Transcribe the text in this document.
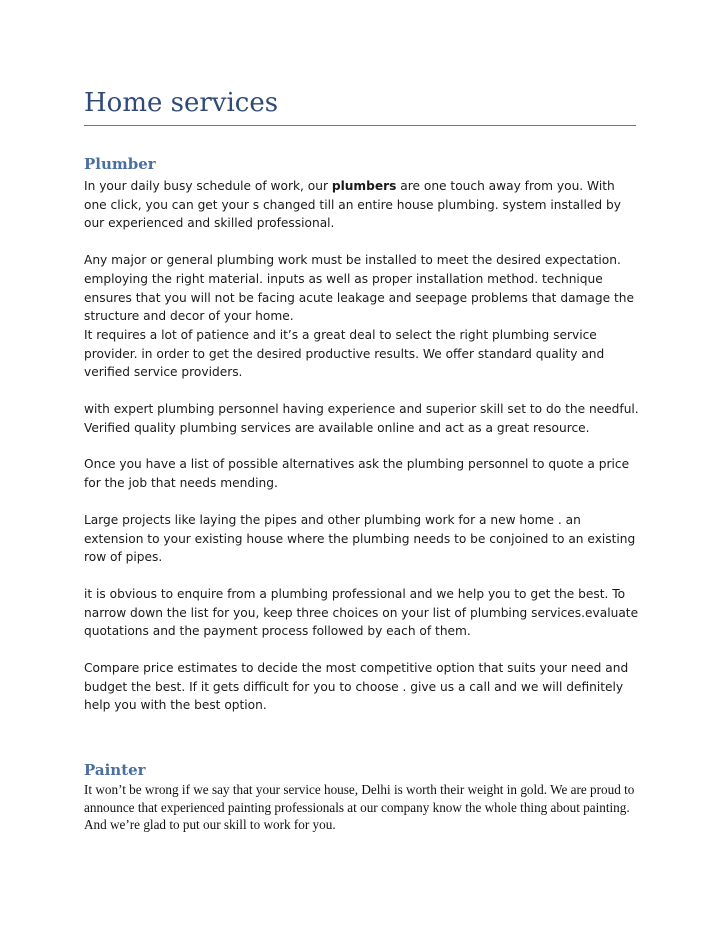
Home services
Plumber

In your daily busy schedule of work, our plumbers are one touch away from you. With one click, you can get your s changed till an entire house plumbing. system installed by our experienced and skilled professional.

Any major or general plumbing work must be installed to meet the desired expectation. employing the right material. inputs as well as proper installation method. technique ensures that you will not be facing acute leakage and seepage problems that damage the structure and decor of your home.

It requires a lot of patience and it’s a great deal to select the right plumbing service provider. in order to get the desired productive results. We offer standard quality and verified service providers.

with expert plumbing personnel having experience and superior skill set to do the needful. Verified quality plumbing services are available online and act as a great resource.

Once you have a list of possible alternatives ask the plumbing personnel to quote a price for the job that needs mending.

Large projects like laying the pipes and other plumbing work for a new home . an extension to your existing house where the plumbing needs to be conjoined to an existing row of pipes.

it is obvious to enquire from a plumbing professional and we help you to get the best. To narrow down the list for you, keep three choices on your list of plumbing services.evaluate quotations and the payment process followed by each of them.

Compare price estimates to decide the most competitive option that suits your need and budget the best. If it gets difficult for you to choose . give us a call and we will definitely help you with the best option.

Painter

It won’t be wrong if we say that your service house, Delhi is worth their weight in gold. We are proud to announce that experienced painting professionals at our company know the whole thing about painting. And we’re glad to put our skill to work for you.
